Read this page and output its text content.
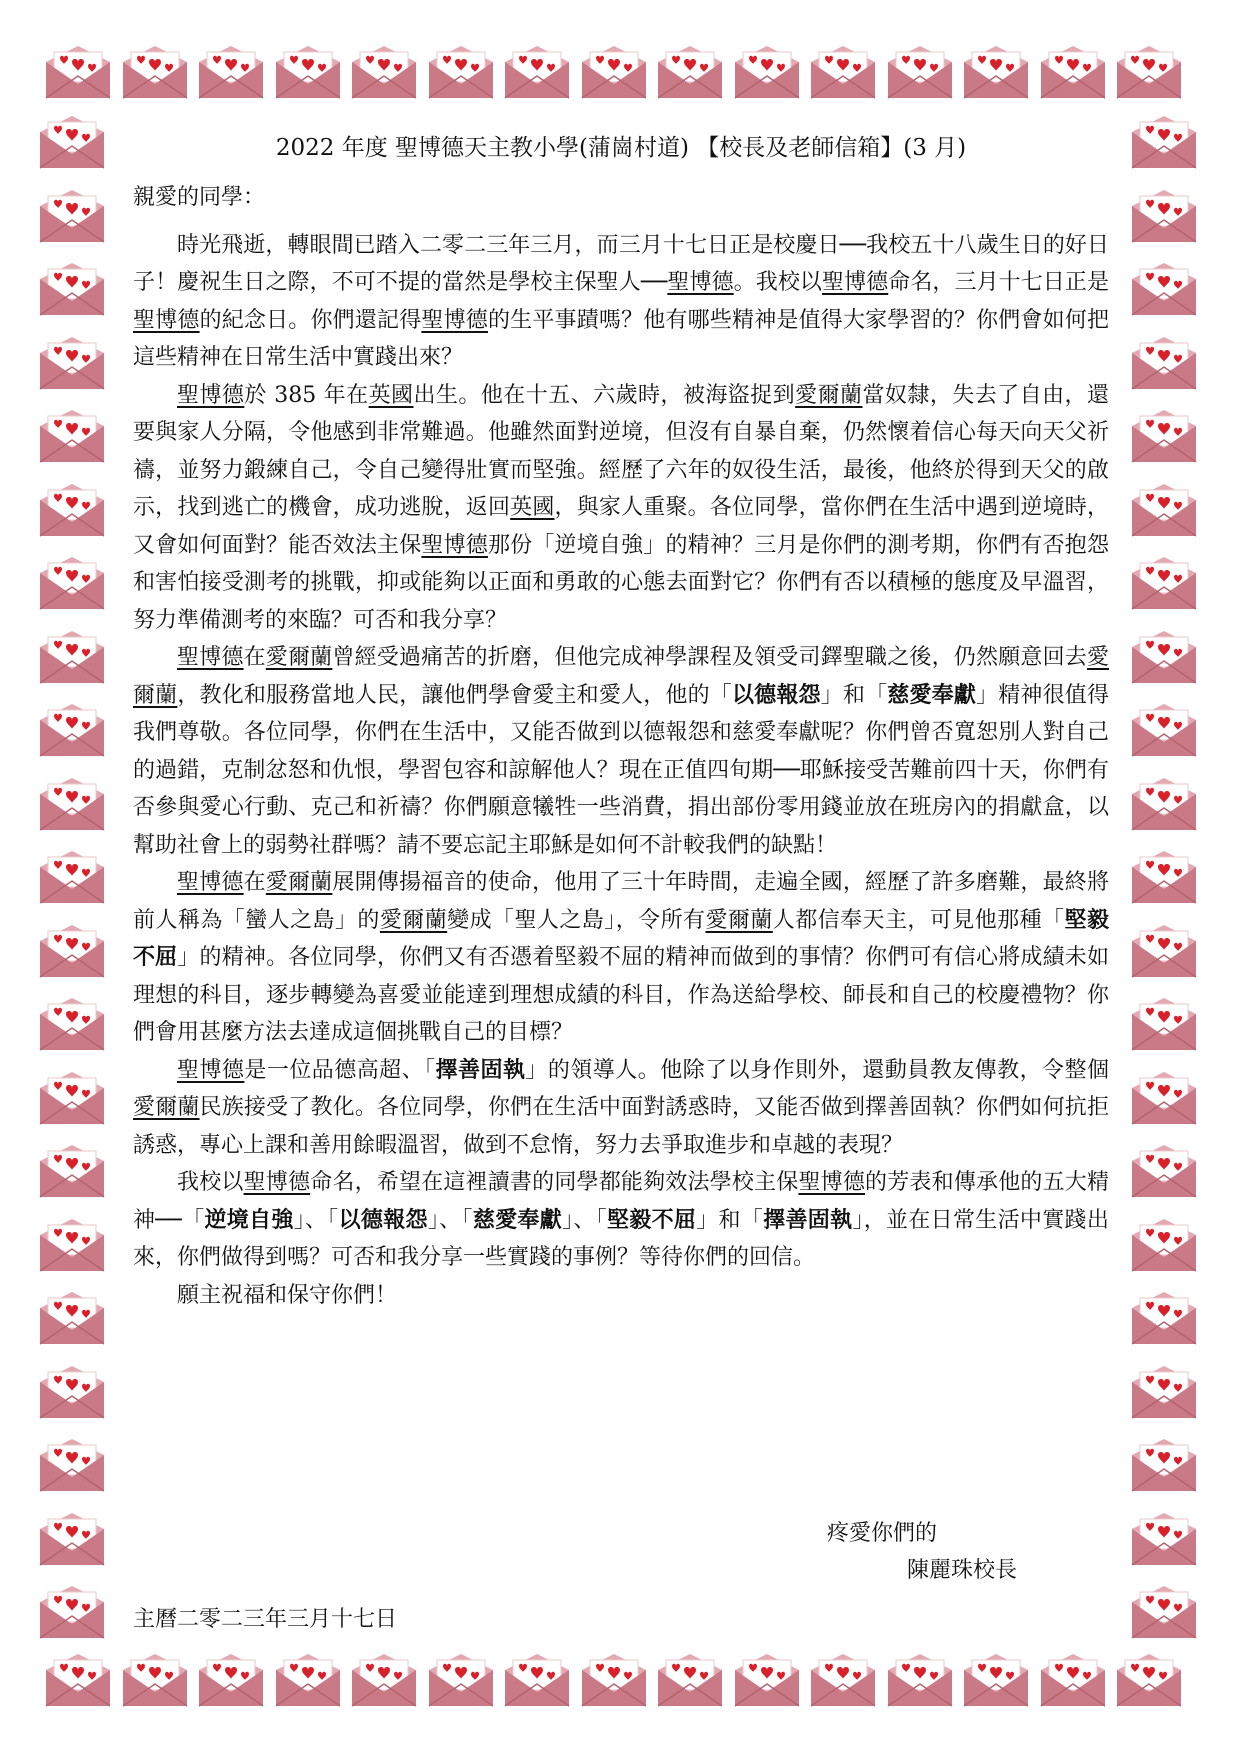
2022 年度 聖博德天主教小學(蒲崗村道) 【校長及老師信箱】(3 月)

親愛的同學：

時光飛逝，轉眼間已踏入二零二三年三月，而三月十七日正是校慶日──我校五十八歲生日的好日子！慶祝生日之際，不可不提的當然是學校主保聖人──聖博德。我校以聖博德命名，三月十七日正是聖博德的紀念日。你們還記得聖博德的生平事蹟嗎？他有哪些精神是值得大家學習的？你們會如何把這些精神在日常生活中實踐出來？

聖博德於 385 年在英國出生。他在十五、六歲時，被海盜捉到愛爾蘭當奴隸，失去了自由，還要與家人分隔，令他感到非常難過。他雖然面對逆境，但沒有自暴自棄，仍然懷着信心每天向天父祈禱，並努力鍛練自己，令自己變得壯實而堅強。經歷了六年的奴役生活，最後，他終於得到天父的啟示，找到逃亡的機會，成功逃脫，返回英國，與家人重聚。各位同學，當你們在生活中遇到逆境時，又會如何面對？能否效法主保聖博德那份「逆境自強」的精神？三月是你們的測考期，你們有否抱怨和害怕接受測考的挑戰，抑或能夠以正面和勇敢的心態去面對它？你們有否以積極的態度及早溫習，努力準備測考的來臨？可否和我分享？

聖博德在愛爾蘭曾經受過痛苦的折磨，但他完成神學課程及領受司鐸聖職之後，仍然願意回去愛爾蘭，教化和服務當地人民，讓他們學會愛主和愛人，他的「以德報怨」和「慈愛奉獻」精神很值得我們尊敬。各位同學，你們在生活中，又能否做到以德報怨和慈愛奉獻呢？你們曾否寬恕別人對自己的過錯，克制忿怒和仇恨，學習包容和諒解他人？現在正值四旬期──耶穌接受苦難前四十天，你們有否參與愛心行動、克己和祈禱？你們願意犧牲一些消費，捐出部份零用錢並放在班房內的捐獻盒，以幫助社會上的弱勢社群嗎？請不要忘記主耶穌是如何不計較我們的缺點！

聖博德在愛爾蘭展開傳揚福音的使命，他用了三十年時間，走遍全國，經歷了許多磨難，最終將前人稱為「蠻人之島」的愛爾蘭變成「聖人之島」，令所有愛爾蘭人都信奉天主，可見他那種「堅毅不屈」的精神。各位同學，你們又有否憑着堅毅不屈的精神而做到的事情？你們可有信心將成績未如理想的科目，逐步轉變為喜愛並能達到理想成績的科目，作為送給學校、師長和自己的校慶禮物？你們會用甚麼方法去達成這個挑戰自己的目標？

聖博德是一位品德高超、「擇善固執」的領導人。他除了以身作則外，還動員教友傳教，令整個愛爾蘭民族接受了教化。各位同學，你們在生活中面對誘惑時，又能否做到擇善固執？你們如何抗拒誘惑，專心上課和善用餘暇溫習，做到不怠惰，努力去爭取進步和卓越的表現？

我校以聖博德命名，希望在這裡讀書的同學都能夠效法學校主保聖博德的芳表和傳承他的五大精神──「逆境自強」、「以德報怨」、「慈愛奉獻」、「堅毅不屈」和「擇善固執」，並在日常生活中實踐出來，你們做得到嗎？可否和我分享一些實踐的事例？等待你們的回信。

願主祝福和保守你們！

疼愛你們的
陳麗珠校長
主曆二零二三年三月十七日
